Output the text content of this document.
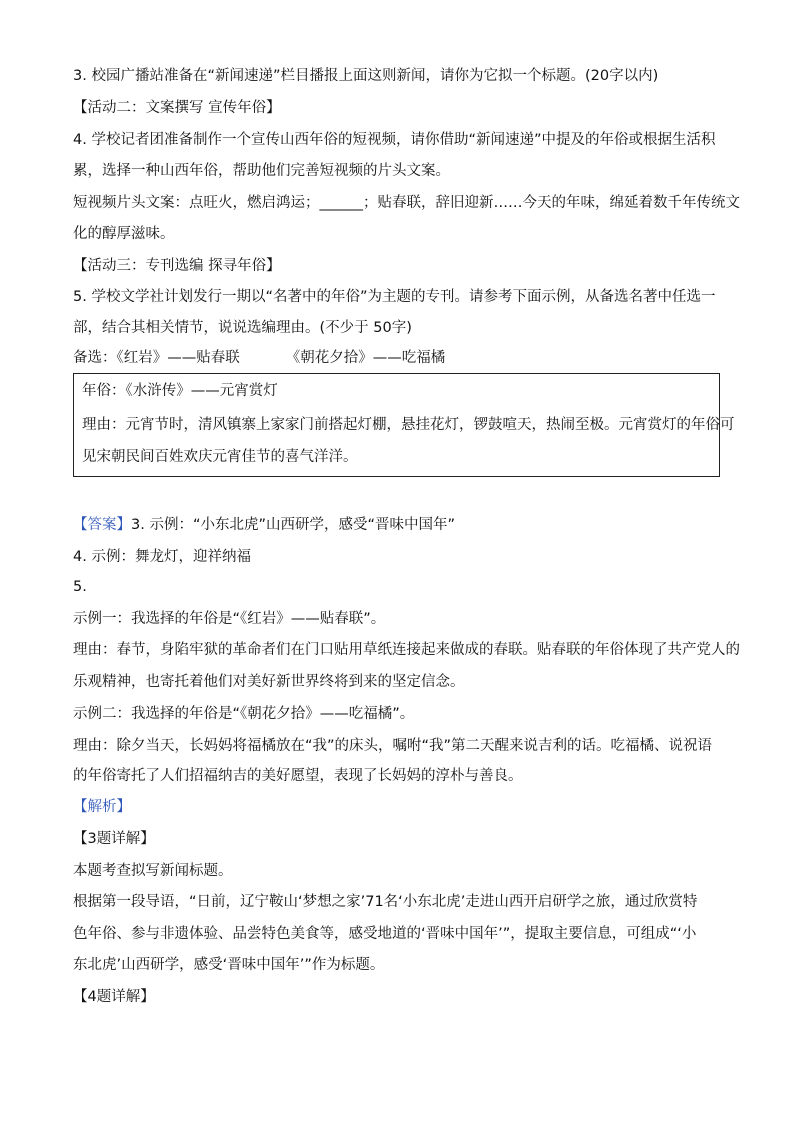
3. 校园广播站准备在“新闻速递”栏目播报上面这则新闻，请你为它拟一个标题。(20字以内)
【活动二：文案撰写 宣传年俗】
4. 学校记者团准备制作一个宣传山西年俗的短视频，请你借助“新闻速递”中提及的年俗或根据生活积
累，选择一种山西年俗，帮助他们完善短视频的片头文案。
短视频片头文案：点旺火，燃启鸿运；______；贴春联，辞旧迎新……今天的年味，绵延着数千年传统文
化的醇厚滋味。
【活动三：专刊选编 探寻年俗】
5. 学校文学社计划发行一期以“名著中的年俗”为主题的专刊。请参考下面示例，从备选名著中任选一
部，结合其相关情节，说说选编理由。(不少于 50字)
备选：《红岩》——贴春联	《朝花夕拾》——吃福橘
年俗：《水浒传》——元宵赏灯
理由：元宵节时，清风镇寨上家家门前搭起灯棚，悬挂花灯，锣鼓喧天，热闹至极。元宵赏灯的年俗可
见宋朝民间百姓欢庆元宵佳节的喜气洋洋。
【答案】3. 示例：“小东北虎”山西研学，感受“晋味中国年”
4. 示例：舞龙灯，迎祥纳福
5.
示例一：我选择的年俗是“《红岩》——贴春联”。
理由：春节，身陷牢狱的革命者们在门口贴用草纸连接起来做成的春联。贴春联的年俗体现了共产党人的
乐观精神，也寄托着他们对美好新世界终将到来的坚定信念。
示例二：我选择的年俗是“《朝花夕拾》——吃福橘”。
理由：除夕当天，长妈妈将福橘放在“我”的床头，嘱咐“我”第二天醒来说吉利的话。吃福橘、说祝语
的年俗寄托了人们招福纳吉的美好愿望，表现了长妈妈的淳朴与善良。
【解析】
【3题详解】
本题考查拟写新闻标题。
根据第一段导语，“日前，辽宁鞍山‘梦想之家’71名‘小东北虎’走进山西开启研学之旅，通过欣赏特
色年俗、参与非遗体验、品尝特色美食等，感受地道的‘晋味中国年’”，提取主要信息，可组成“‘小
东北虎’山西研学，感受‘晋味中国年’”作为标题。
【4题详解】
